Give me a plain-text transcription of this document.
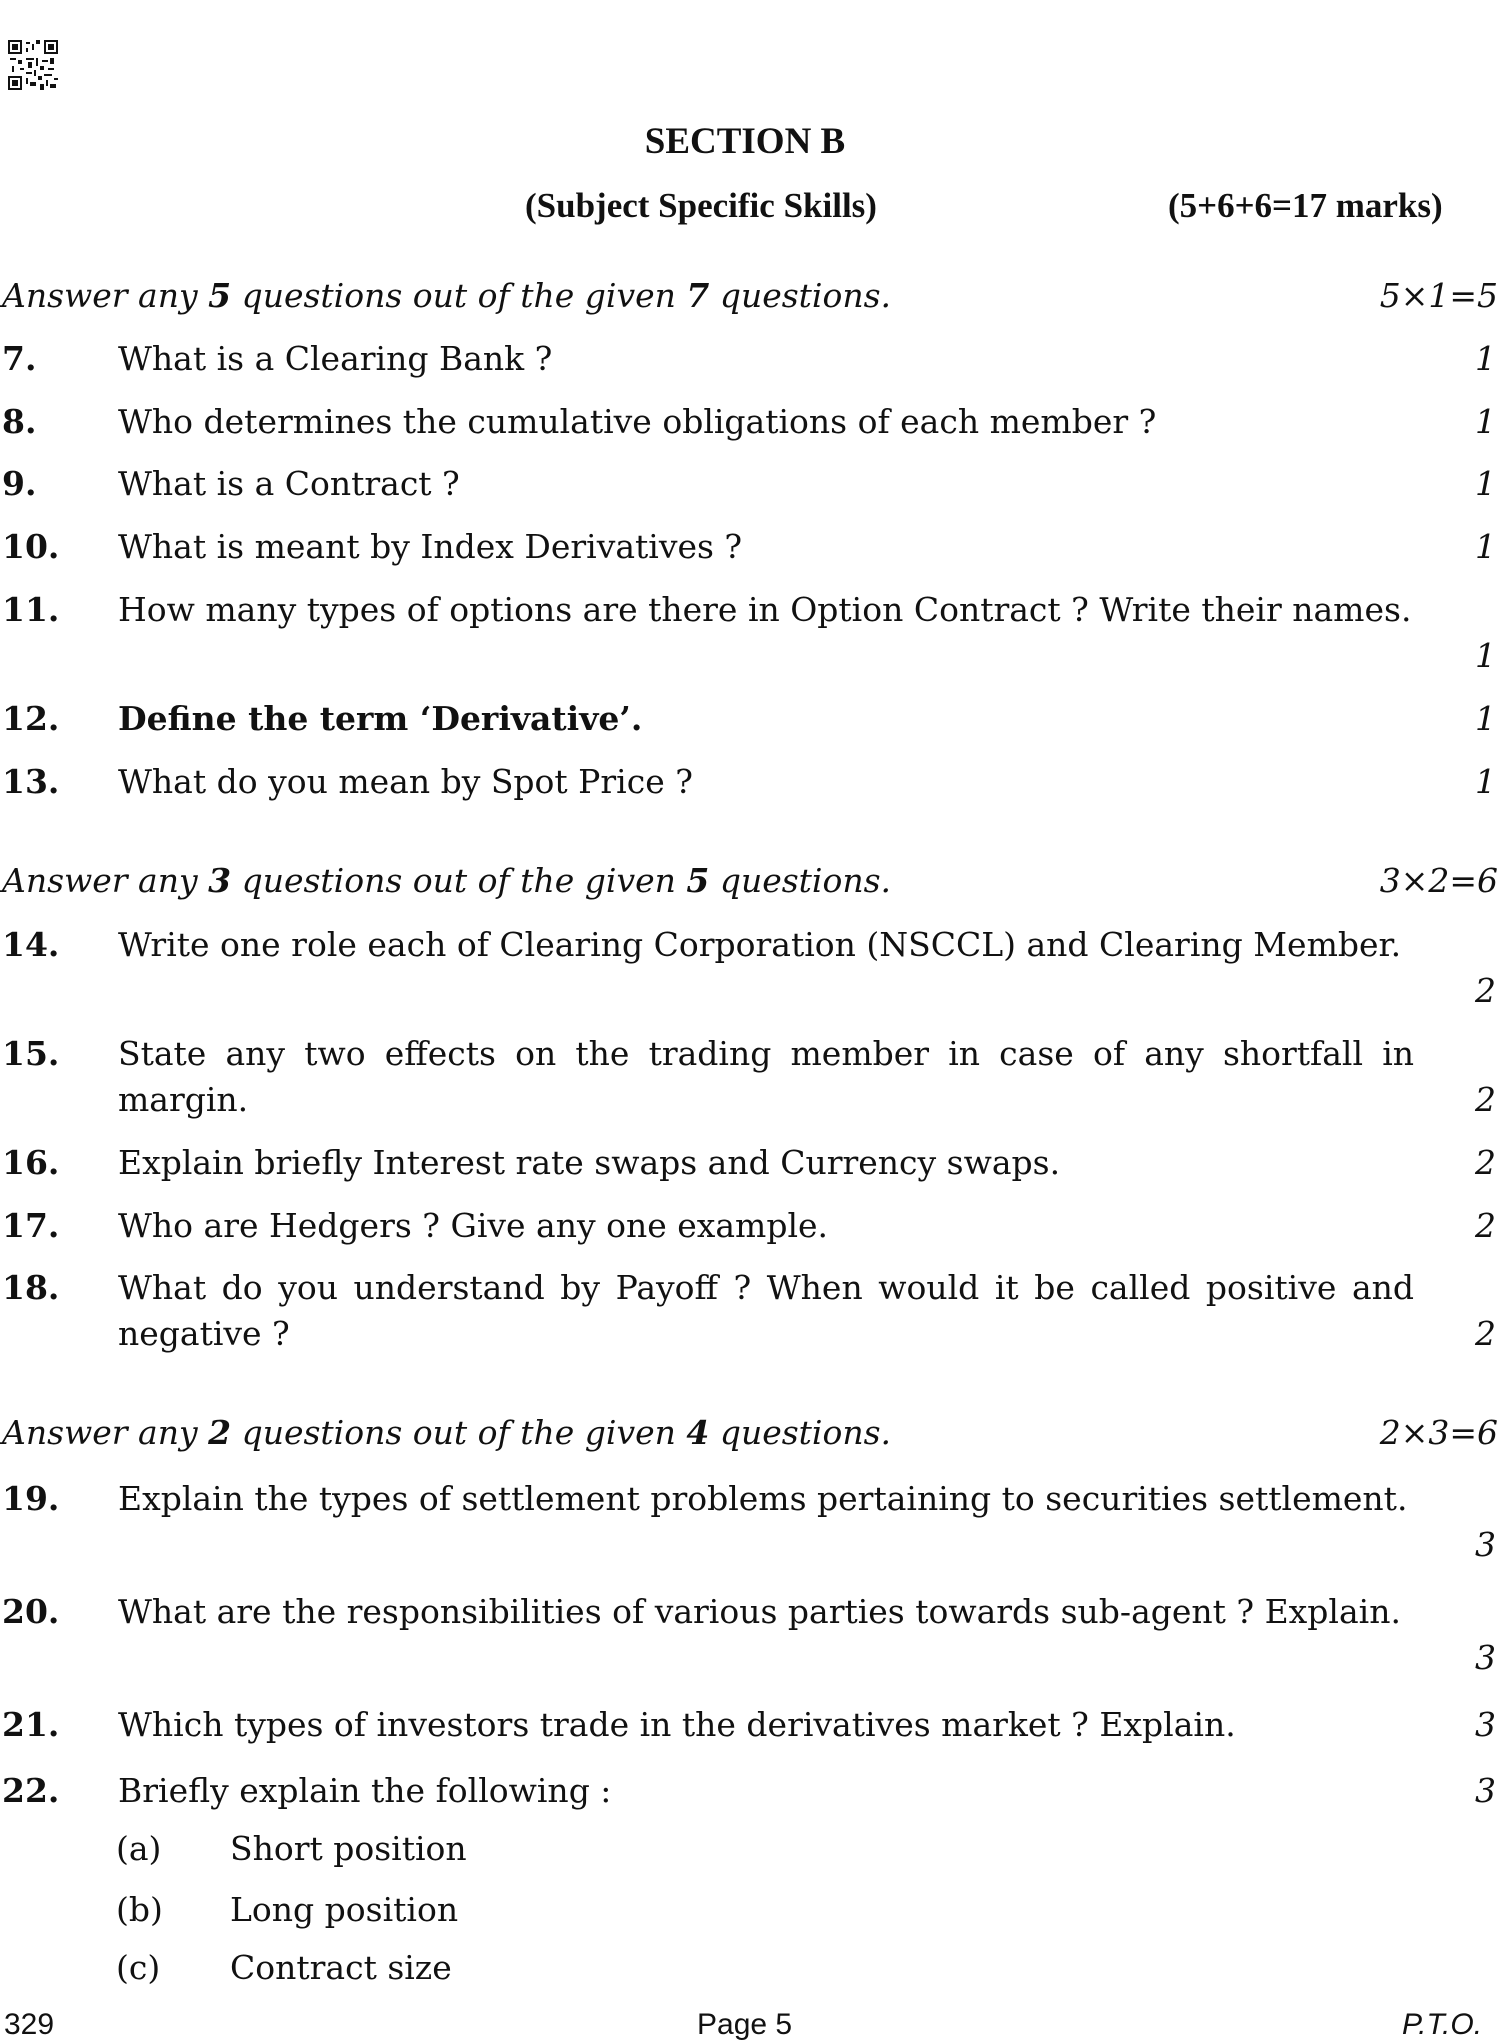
SECTION B
(Subject Specific Skills)	(5+6+6=17 marks)
Answer any 5 questions out of the given 7 questions.	5×1=5
7. What is a Clearing Bank ?	1
8. Who determines the cumulative obligations of each member ?	1
9. What is a Contract ?	1
10. What is meant by Index Derivatives ?	1
11. How many types of options are there in Option Contract ? Write their names.
1
12. Define the term ‘Derivative’.	1
13. What do you mean by Spot Price ?	1
Answer any 3 questions out of the given 5 questions.	3×2=6
14. Write one role each of Clearing Corporation (NSCCL) and Clearing Member.
2
15. State any two effects on the trading member in case of any shortfall in margin.	2
16. Explain briefly Interest rate swaps and Currency swaps.	2
17. Who are Hedgers ? Give any one example.	2
18. What do you understand by Payoff ? When would it be called positive and negative ?	2
Answer any 2 questions out of the given 4 questions.	2×3=6
19. Explain the types of settlement problems pertaining to securities settlement.
3
20. What are the responsibilities of various parties towards sub-agent ? Explain.
3
21. Which types of investors trade in the derivatives market ? Explain.	3
22. Briefly explain the following :	3
(a) Short position
(b) Long position
(c) Contract size
329	Page 5	P.T.O.
